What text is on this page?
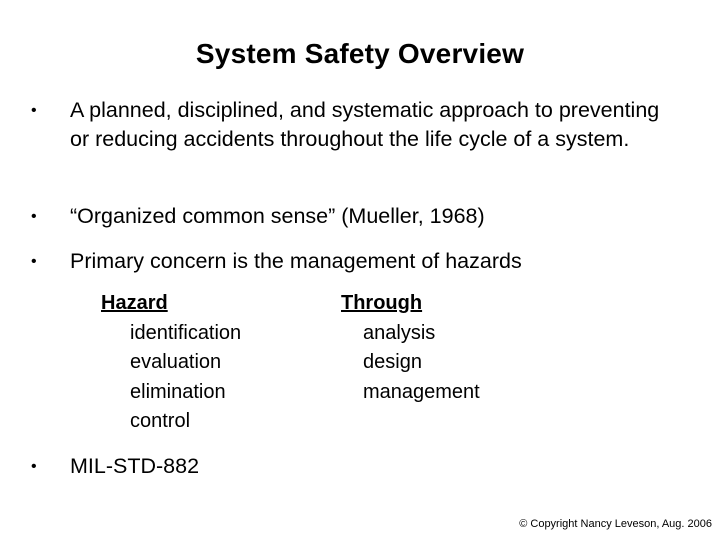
System Safety Overview
• A planned, disciplined, and systematic approach to preventing or reducing accidents throughout the life cycle of a system.
• “Organized common sense” (Mueller, 1968)
• Primary concern is the management of hazards
Hazard
identification
evaluation
elimination
control
Through
analysis
design
management
• MIL-STD-882
© Copyright Nancy Leveson, Aug. 2006
